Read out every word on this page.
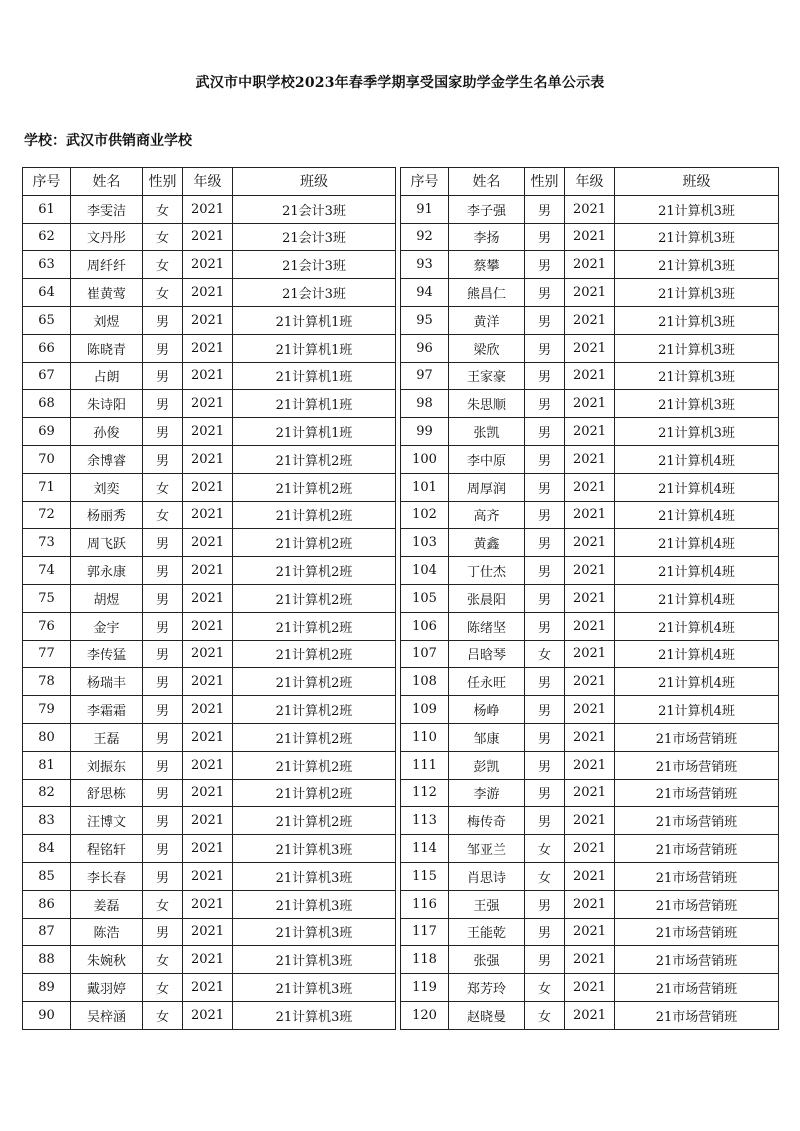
武汉市中职学校2023年春季学期享受国家助学金学生名单公示表
学校：武汉市供销商业学校
序号	姓名	性别	年级	班级
61	李雯洁	女	2021	21会计3班
62	文丹彤	女	2021	21会计3班
63	周纤纤	女	2021	21会计3班
64	崔黄莺	女	2021	21会计3班
65	刘煜	男	2021	21计算机1班
66	陈晓青	男	2021	21计算机1班
67	占朗	男	2021	21计算机1班
68	朱诗阳	男	2021	21计算机1班
69	孙俊	男	2021	21计算机1班
70	余博睿	男	2021	21计算机2班
71	刘奕	女	2021	21计算机2班
72	杨丽秀	女	2021	21计算机2班
73	周飞跃	男	2021	21计算机2班
74	郭永康	男	2021	21计算机2班
75	胡煜	男	2021	21计算机2班
76	金宇	男	2021	21计算机2班
77	李传猛	男	2021	21计算机2班
78	杨瑞丰	男	2021	21计算机2班
79	李霜霜	男	2021	21计算机2班
80	王磊	男	2021	21计算机2班
81	刘振东	男	2021	21计算机2班
82	舒思栋	男	2021	21计算机2班
83	汪博文	男	2021	21计算机2班
84	程铭轩	男	2021	21计算机3班
85	李长春	男	2021	21计算机3班
86	姜磊	女	2021	21计算机3班
87	陈浩	男	2021	21计算机3班
88	朱婉秋	女	2021	21计算机3班
89	戴羽婷	女	2021	21计算机3班
90	吴梓涵	女	2021	21计算机3班
序号	姓名	性别	年级	班级
91	李子强	男	2021	21计算机3班
92	李扬	男	2021	21计算机3班
93	蔡攀	男	2021	21计算机3班
94	熊昌仁	男	2021	21计算机3班
95	黄洋	男	2021	21计算机3班
96	梁欣	男	2021	21计算机3班
97	王家豪	男	2021	21计算机3班
98	朱思顺	男	2021	21计算机3班
99	张凯	男	2021	21计算机3班
100	李中原	男	2021	21计算机4班
101	周厚润	男	2021	21计算机4班
102	高齐	男	2021	21计算机4班
103	黄鑫	男	2021	21计算机4班
104	丁仕杰	男	2021	21计算机4班
105	张晨阳	男	2021	21计算机4班
106	陈绪坚	男	2021	21计算机4班
107	吕晗琴	女	2021	21计算机4班
108	任永旺	男	2021	21计算机4班
109	杨峥	男	2021	21计算机4班
110	邹康	男	2021	21市场营销班
111	彭凯	男	2021	21市场营销班
112	李游	男	2021	21市场营销班
113	梅传奇	男	2021	21市场营销班
114	邹亚兰	女	2021	21市场营销班
115	肖思诗	女	2021	21市场营销班
116	王强	男	2021	21市场营销班
117	王能乾	男	2021	21市场营销班
118	张强	男	2021	21市场营销班
119	郑芳玲	女	2021	21市场营销班
120	赵晓曼	女	2021	21市场营销班
